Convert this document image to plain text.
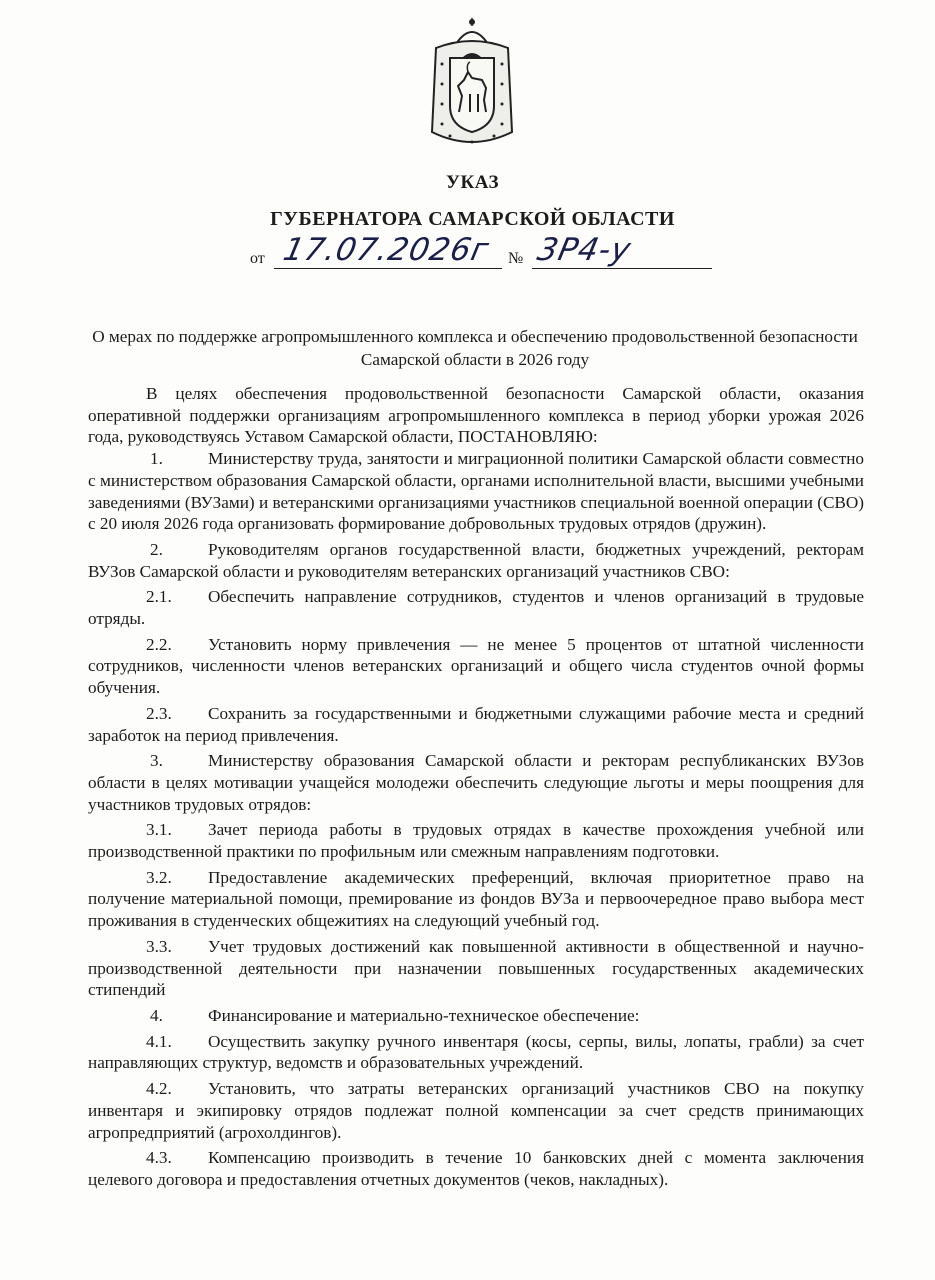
УКАЗ
ГУБЕРНАТОРА САМАРСКОЙ ОБЛАСТИ
от 17.07.2026г № 3Р4-у
О мерах по поддержке агропромышленного комплекса и обеспечению продовольственной безопасности Самарской области в 2026 году

В целях обеспечения продовольственной безопасности Самарской области, оказания оперативной поддержки организациям агропромышленного комплекса в период уборки урожая 2026 года, руководствуясь Уставом Самарской области, ПОСТАНОВЛЯЮ:

1.	Министерству труда, занятости и миграционной политики Самарской области совместно с министерством образования Самарской области, органами исполнительной власти, высшими учебными заведениями (ВУЗами) и ветеранскими организациями участников специальной военной операции (СВО) с 20 июля 2026 года организовать формирование добровольных трудовых отрядов (дружин).

2.	Руководителям органов государственной власти, бюджетных учреждений, ректорам ВУЗов Самарской области и руководителям ветеранских организаций участников СВО:

2.1. Обеспечить направление сотрудников, студентов и членов организаций в трудовые отряды.

2.2. Установить норму привлечения — не менее 5 процентов от штатной численности сотрудников, численности членов ветеранских организаций и общего числа студентов очной формы обучения.

2.3. Сохранить за государственными и бюджетными служащими рабочие места и средний заработок на период привлечения.

3.	Министерству образования Самарской области и ректорам республиканских ВУЗов области в целях мотивации учащейся молодежи обеспечить следующие льготы и меры поощрения для участников трудовых отрядов:

3.1. Зачет периода работы в трудовых отрядах в качестве прохождения учебной или производственной практики по профильным или смежным направлениям подготовки.

3.2. Предоставление академических преференций, включая приоритетное право на получение материальной помощи, премирование из фондов ВУЗа и первоочередное право выбора мест проживания в студенческих общежитиях на следующий учебный год.

3.3. Учет трудовых достижений как повышенной активности в общественной и научно-производственной деятельности при назначении повышенных государственных академических стипендий

4.	Финансирование и материально-техническое обеспечение:

4.1. Осуществить закупку ручного инвентаря (косы, серпы, вилы, лопаты, грабли) за счет направляющих структур, ведомств и образовательных учреждений.

4.2. Установить, что затраты ветеранских организаций участников СВО на покупку инвентаря и экипировку отрядов подлежат полной компенсации за счет средств принимающих агропредприятий (агрохолдингов).

4.3. Компенсацию производить в течение 10 банковских дней с момента заключения целевого договора и предоставления отчетных документов (чеков, накладных).
